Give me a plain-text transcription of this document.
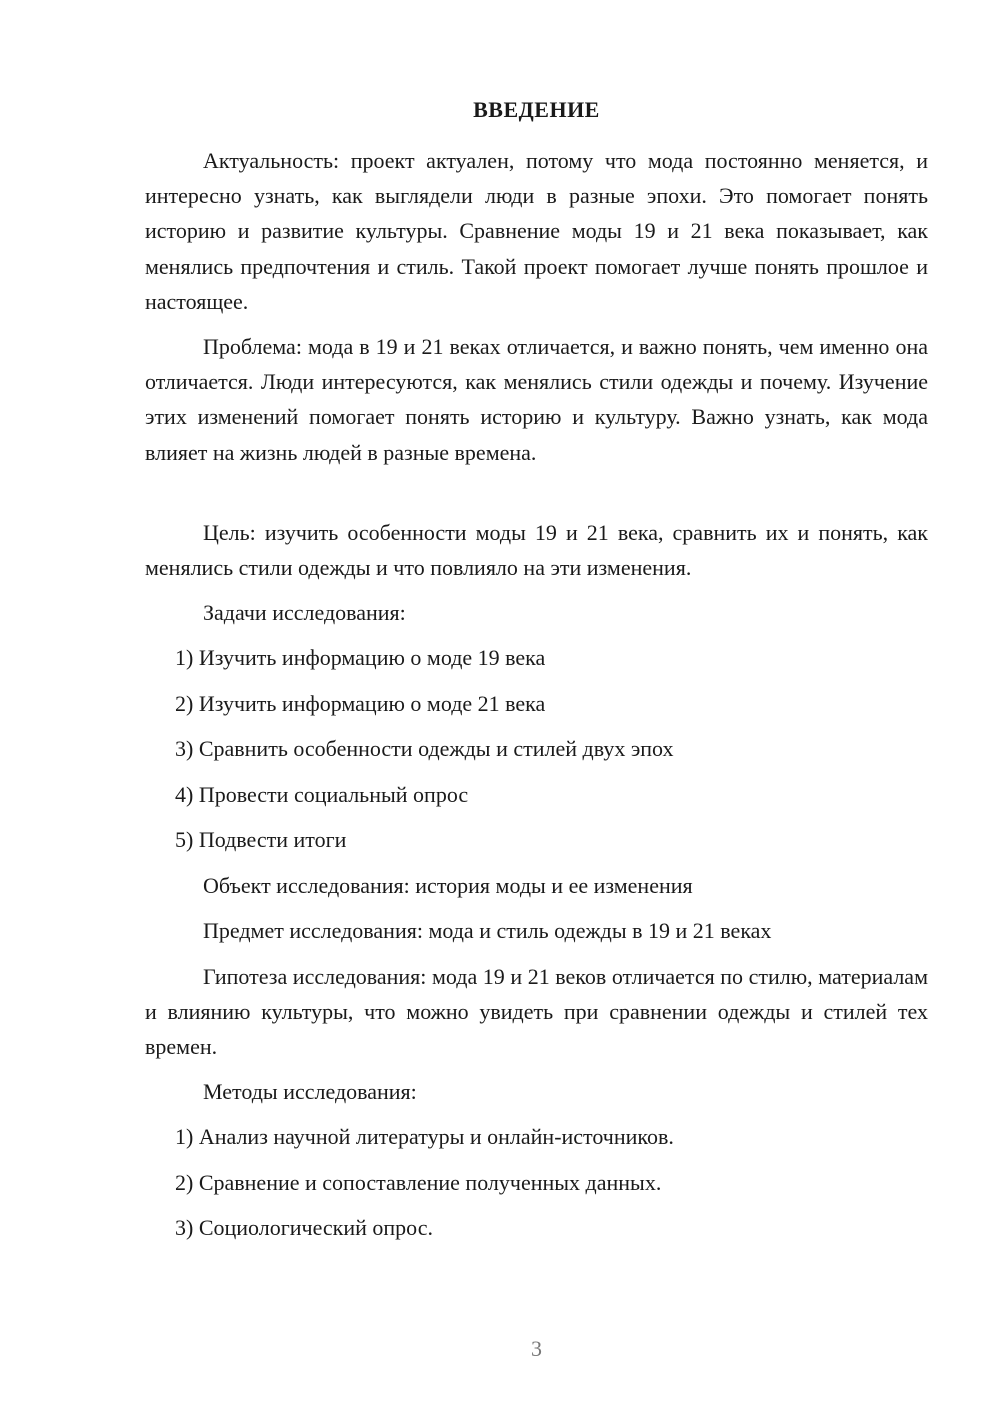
ВВЕДЕНИЕ

Актуальность: проект актуален, потому что мода постоянно меняется, и интересно узнать, как выглядели люди в разные эпохи. Это помогает понять историю и развитие культуры. Сравнение моды 19 и 21 века показывает, как менялись предпочтения и стиль. Такой проект помогает лучше понять прошлое и настоящее.

Проблема: мода в 19 и 21 веках отличается, и важно понять, чем именно она отличается. Люди интересуются, как менялись стили одежды и почему. Изучение этих изменений помогает понять историю и культуру. Важно узнать, как мода влияет на жизнь людей в разные времена.

Цель: изучить особенности моды 19 и 21 века, сравнить их и понять, как менялись стили одежды и что повлияло на эти изменения.

Задачи исследования:

1) Изучить информацию о моде 19 века

2) Изучить информацию о моде 21 века

3) Сравнить особенности одежды и стилей двух эпох

4) Провести социальный опрос

5) Подвести итоги

Объект исследования: история моды и ее изменения

Предмет исследования: мода и стиль одежды в 19 и 21 веках

Гипотеза исследования: мода 19 и 21 веков отличается по стилю, материалам и влиянию культуры, что можно увидеть при сравнении одежды и стилей тех времен.

Методы исследования:

1) Анализ научной литературы и онлайн-источников.

2) Сравнение и сопоставление полученных данных.

3) Социологический опрос.

3
